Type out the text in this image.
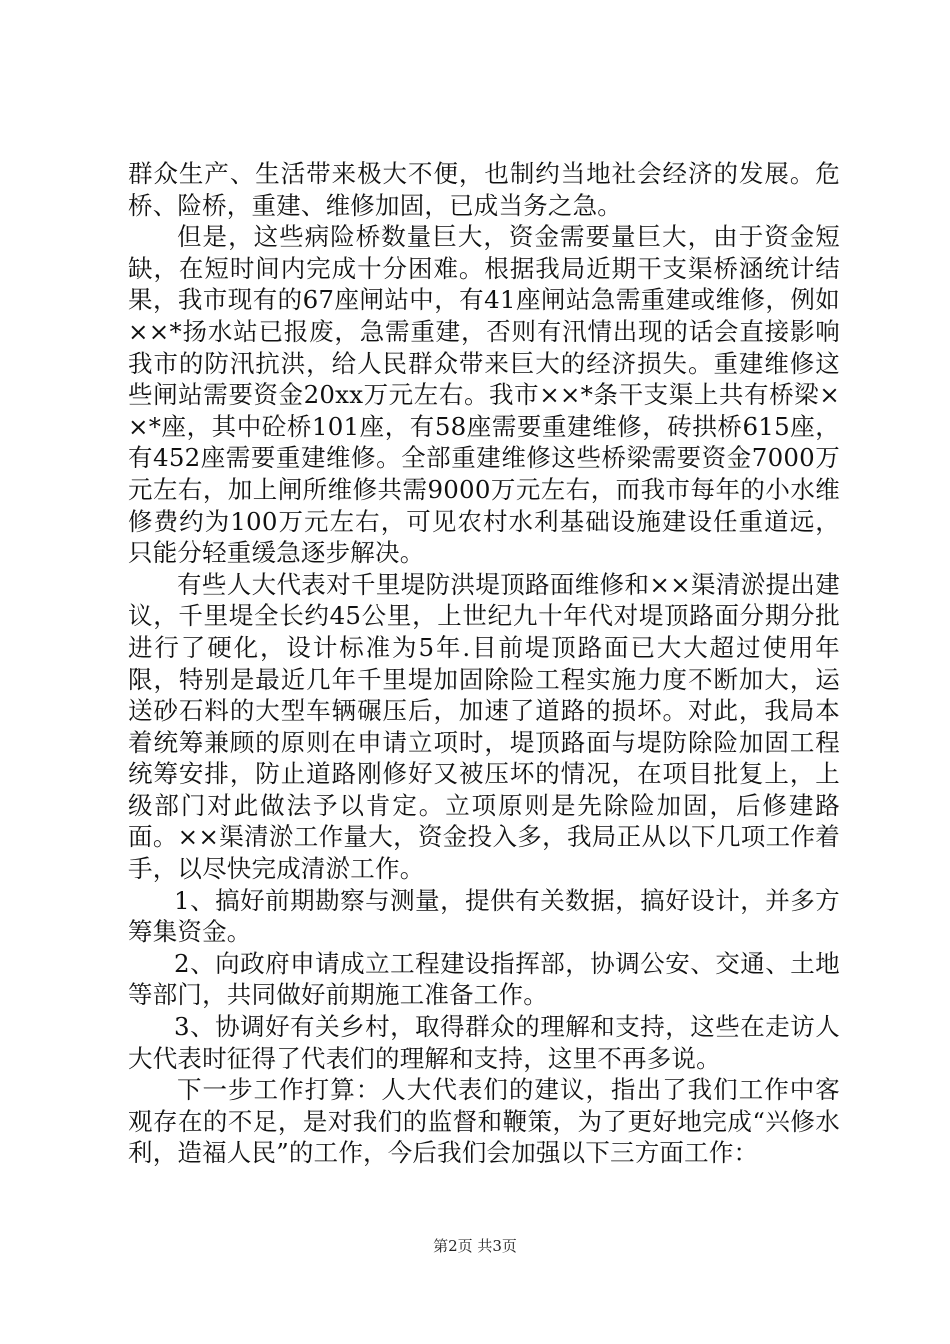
群众生产、生活带来极大不便，也制约当地社会经济的发展。危桥、险桥，重建、维修加固，已成当务之急。

但是，这些病险桥数量巨大，资金需要量巨大，由于资金短缺，在短时间内完成十分困难。根据我局近期干支渠桥涵统计结果，我市现有的67座闸站中，有41座闸站急需重建或维修，例如××*扬水站已报废，急需重建，否则有汛情出现的话会直接影响我市的防汛抗洪，给人民群众带来巨大的经济损失。重建维修这些闸站需要资金20xx万元左右。我市××*条干支渠上共有桥梁××*座，其中砼桥101座，有58座需要重建维修，砖拱桥615座，有452座需要重建维修。全部重建维修这些桥梁需要资金7000万元左右，加上闸所维修共需9000万元左右，而我市每年的小水维修费约为100万元左右，可见农村水利基础设施建设任重道远，只能分轻重缓急逐步解决。

有些人大代表对千里堤防洪堤顶路面维修和××渠清淤提出建议，千里堤全长约45公里，上世纪九十年代对堤顶路面分期分批进行了硬化，设计标准为5年.目前堤顶路面已大大超过使用年限，特别是最近几年千里堤加固除险工程实施力度不断加大，运送砂石料的大型车辆碾压后，加速了道路的损坏。对此，我局本着统筹兼顾的原则在申请立项时，堤顶路面与堤防除险加固工程统筹安排，防止道路刚修好又被压坏的情况，在项目批复上，上级部门对此做法予以肯定。立项原则是先除险加固，后修建路面。××渠清淤工作量大，资金投入多，我局正从以下几项工作着手，以尽快完成清淤工作。

1、搞好前期勘察与测量，提供有关数据，搞好设计，并多方筹集资金。

2、向政府申请成立工程建设指挥部，协调公安、交通、土地等部门，共同做好前期施工准备工作。

3、协调好有关乡村，取得群众的理解和支持，这些在走访人大代表时征得了代表们的理解和支持，这里不再多说。

下一步工作打算：人大代表们的建议，指出了我们工作中客观存在的不足，是对我们的监督和鞭策，为了更好地完成“兴修水利，造福人民”的工作，今后我们会加强以下三方面工作：

第2页 共3页
